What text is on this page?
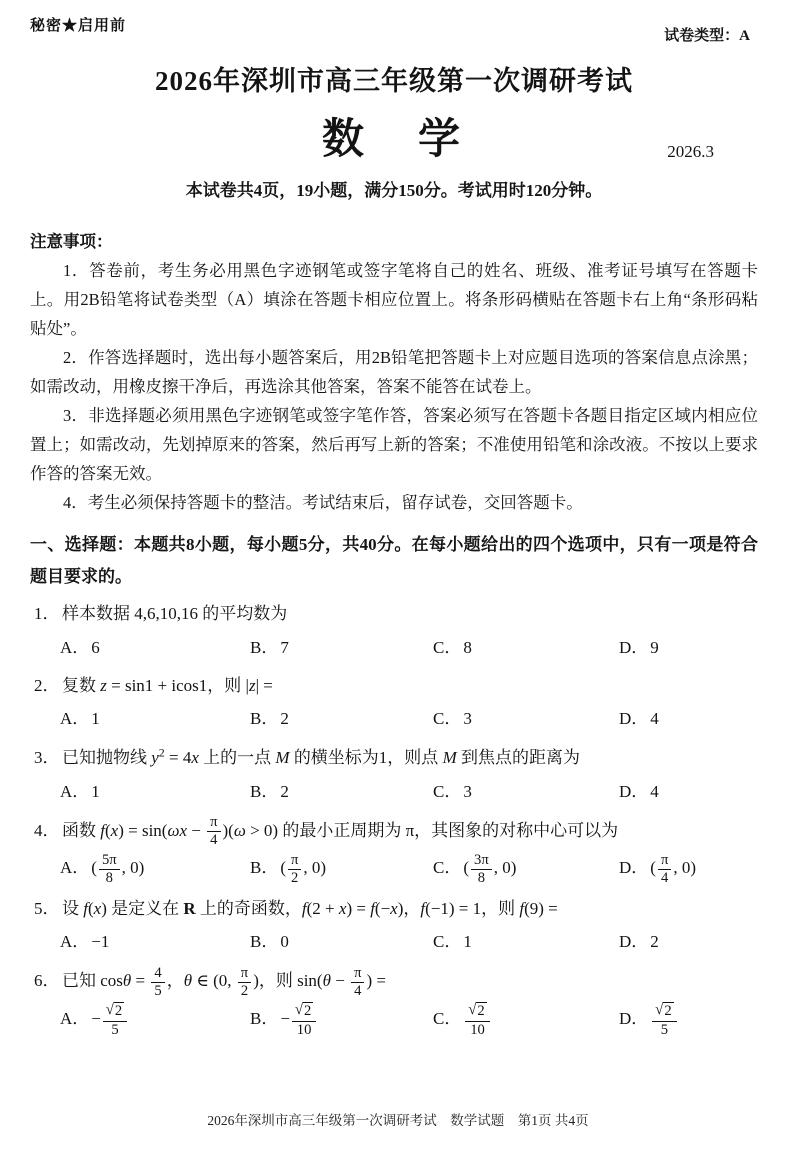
秘密★启用前
试卷类型：A
2026年深圳市高三年级第一次调研考试
数　学	2026.3
本试卷共4页，19小题，满分150分。考试用时120分钟。
注意事项：

1．答卷前，考生务必用黑色字迹钢笔或签字笔将自己的姓名、班级、准考证号填写在答题卡上。用2B铅笔将试卷类型（A）填涂在答题卡相应位置上。将条形码横贴在答题卡右上角“条形码粘贴处”。

2．作答选择题时，选出每小题答案后，用2B铅笔把答题卡上对应题目选项的答案信息点涂黑；如需改动，用橡皮擦干净后，再选涂其他答案，答案不能答在试卷上。

3．非选择题必须用黑色字迹钢笔或签字笔作答，答案必须写在答题卡各题目指定区域内相应位置上；如需改动，先划掉原来的答案，然后再写上新的答案；不准使用铅笔和涂改液。不按以上要求作答的答案无效。

4．考生必须保持答题卡的整洁。考试结束后，留存试卷，交回答题卡。

一、选择题：本题共8小题，每小题5分，共40分。在每小题给出的四个选项中，只有一项是符合题目要求的。
1． 样本数据 4,6,10,16 的平均数为
A． 6	B． 7	C． 8	D． 9
2． 复数 z = sin1 + icos1，则 |z| =
A． 1	B． 2	C． 3	D． 4
3． 已知抛物线 $y^2 = 4x$ 上的一点 M 的横坐标为1，则点 M 到焦点的距离为
A． 1	B． 2	C． 3	D． 4
4． 函数 $f(x) = \sin(\omega x - \frac{\pi}{4} )(\omega > 0)$ 的最小正周期为 π，其图象的对称中心可以为
A． ( $\frac{5\pi}{8}$ , 0)	B． ( $\frac{\pi}{2}$ , 0)	C． ( $\frac{3\pi}{8}$ , 0)	D． ( $\frac{\pi}{4}$ , 0)
5． 设 f(x) 是定义在 R 上的奇函数，f(2 + x) = f(−x)，f(−1) = 1，则 f(9) =
A． −1	B． 0	C． 1	D． 2
6． 已知 $\cos\theta = \frac{4}{5}$ ，θ ∈ (0, $\frac{\pi}{2}$ )，则 $\sin(\theta - \frac{\pi}{4}$ ) =
A． − $\frac{√ 2}{5}$	B． − $\frac{√ 2}{10}$	C． $\frac{√ 2}{10}$	D． $\frac{√ 2}{5}$
2026年深圳市高三年级第一次调研考试　数学试题　第1页 共4页
